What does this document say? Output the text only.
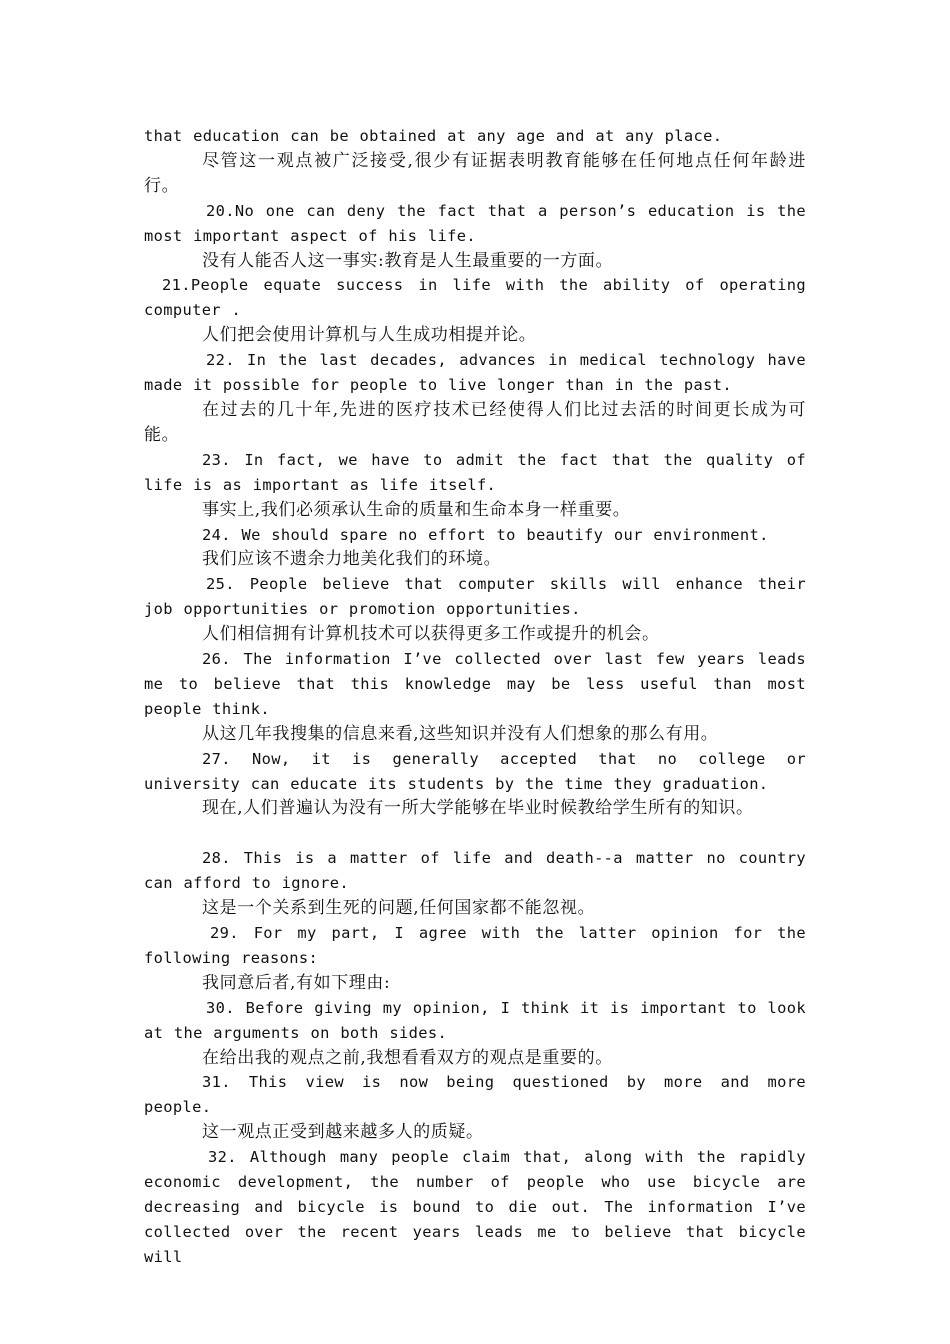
that education can be obtained at any age and at any place.

尽管这一观点被广泛接受,很少有证据表明教育能够在任何地点任何年龄进行。

20.No one can deny the fact that a person’s education is the most important aspect of his life.

没有人能否人这一事实:教育是人生最重要的一方面。

21.People equate success in life with the ability of operating computer .

人们把会使用计算机与人生成功相提并论。

22. In the last decades, advances in medical technology have made it possible for people to live longer than in the past.

在过去的几十年,先进的医疗技术已经使得人们比过去活的时间更长成为可能。

23. In fact, we have to admit the fact that the quality of life is as important as life itself.

事实上,我们必须承认生命的质量和生命本身一样重要。

24. We should spare no effort to beautify our environment.

我们应该不遗余力地美化我们的环境。

25. People believe that computer skills will enhance their job opportunities or promotion opportunities.

人们相信拥有计算机技术可以获得更多工作或提升的机会。

26. The information I’ve collected over last few years leads me to believe that this knowledge may be less useful than most people think.

从这几年我搜集的信息来看,这些知识并没有人们想象的那么有用。

27. Now, it is generally accepted that no college or university can educate its students by the time they graduation.

现在,人们普遍认为没有一所大学能够在毕业时候教给学生所有的知识。

28. This is a matter of life and death--a matter no country can afford to ignore.

这是一个关系到生死的问题,任何国家都不能忽视。

29. For my part, I agree with the latter opinion for the following reasons:

我同意后者,有如下理由:

30. Before giving my opinion, I think it is important to look at the arguments on both sides.

在给出我的观点之前,我想看看双方的观点是重要的。

31. This view is now being questioned by more and more people.

这一观点正受到越来越多人的质疑。

32. Although many people claim that, along with the rapidly economic development, the number of people who use bicycle are decreasing and bicycle is bound to die out. The information I’ve collected over the recent years leads me to believe that bicycle will
